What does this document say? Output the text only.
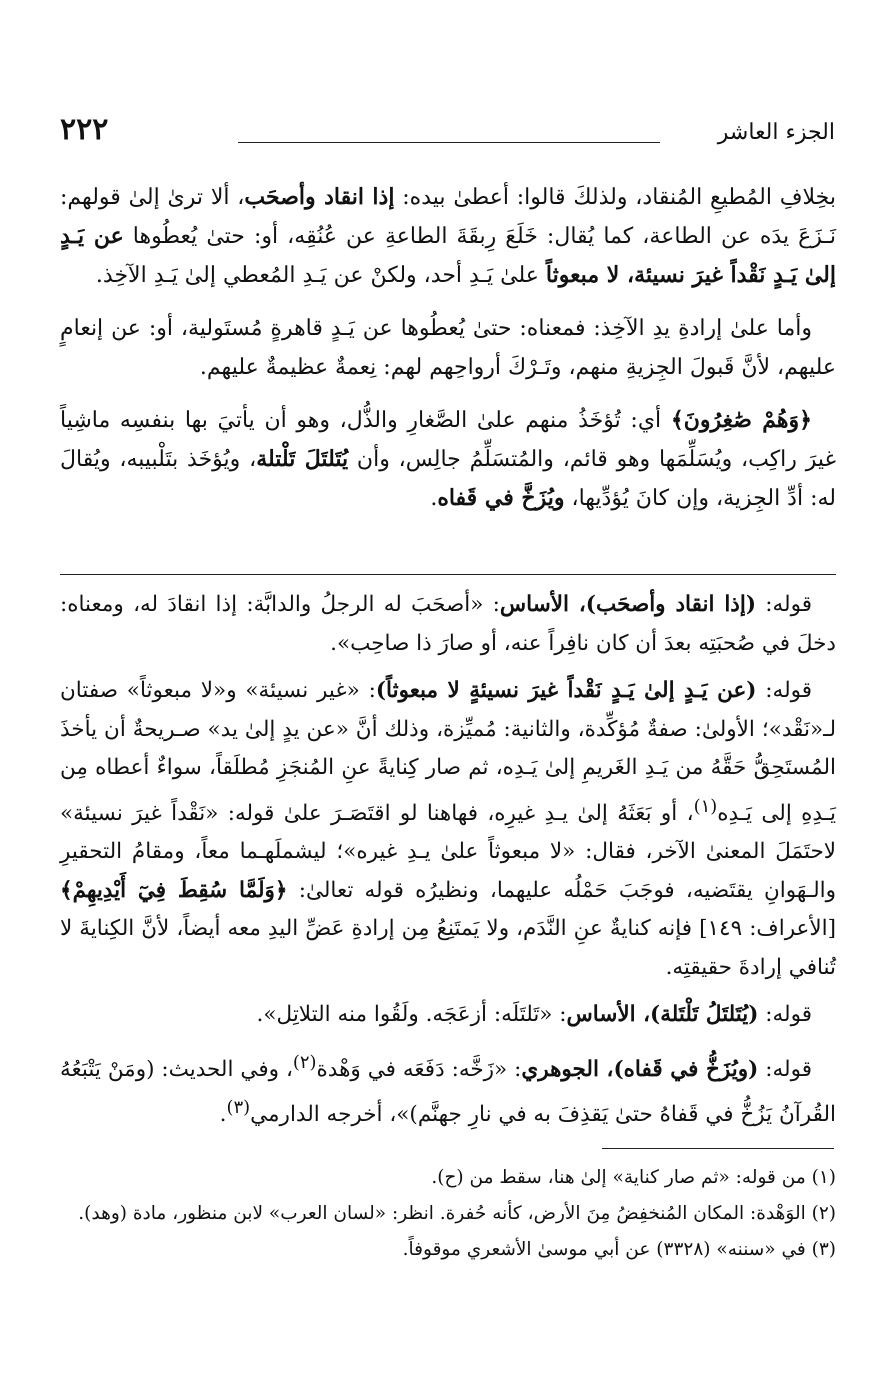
٢٢٢	الجزء العاشر

بخِلافِ المُطيعِ المُنقاد، ولذلكَ قالوا: أعطىٰ بيده: إذا انقاد وأصحَب، ألا ترىٰ إلىٰ قولهم: نَـزَعَ يدَه عن الطاعة، كما يُقال: خَلَعَ رِبقَةَ الطاعةِ عن عُنُقِه، أو: حتىٰ يُعطُوها عن يَـدٍ إلىٰ يَـدٍ نَقْداً غيرَ نسيئة، لا مبعوثاً علىٰ يَـدِ أحد، ولكنْ عن يَـدِ المُعطي إلىٰ يَـدِ الآخِذ.

وأما علىٰ إرادةِ يدِ الآخِذ: فمعناه: حتىٰ يُعطُوها عن يَـدٍ قاهرةٍ مُستَولية، أو: عن إنعامٍ عليهم، لأنَّ قَبولَ الجِزيةِ منهم، وتَـرْكَ أرواحِهم لهم: نِعمةٌ عظيمةٌ عليهم.

﴿وَهُمْ صَٰغِرُونَ﴾ أي: تُؤخَذُ منهم علىٰ الصَّغارِ والذُّل، وهو أن يأتيَ بها بنفسِه ماشِياً غيرَ راكِب، ويُسَلِّمَها وهو قائم، والمُتسَلِّمُ جالِس، وأن يُتَلتَلَ تَلْتلة، ويُؤخَذ بتَلْبيبه، ويُقالَ له: أدِّ الجِزية، وإن كانَ يُؤدِّيها، ويُزَخَّ في قَفاه.

قوله: (إذا انقاد وأصحَب)، الأساس: «أصحَبَ له الرجلُ والدابَّة: إذا انقادَ له، ومعناه: دخلَ في صُحبَتِه بعدَ أن كان نافِراً عنه، أو صارَ ذا صاحِب».

قوله: (عن يَـدٍ إلىٰ يَـدٍ نَقْداً غيرَ نسيئةٍ لا مبعوثاً): «غير نسيئة» و«لا مبعوثاً» صفتان لـ«نَقْد»؛ الأولىٰ: صفةٌ مُؤكِّدة، والثانية: مُميِّزة، وذلك أنَّ «عن يدٍ إلىٰ يد» صـريحةٌ أن يأخذَ المُستَحِقُّ حَقَّهُ من يَـدِ الغَريمِ إلىٰ يَـدِه، ثم صار كِنايةً عنِ المُنجَزِ مُطلَقاً، سواءٌ أعطاه مِن يَـدِهِ إلى يَـدِه$^{(١)}$، أو بَعَثَهُ إلىٰ يـدِ غيرِه، فهاهنا لو اقتَصَـرَ علىٰ قوله: «نَقْداً غيرَ نسيئة» لاحتَمَلَ المعنىٰ الآخر، فقال: «لا مبعوثاً علىٰ يـدِ غيره»؛ ليشملَهـما معاً، ومقامُ التحقيرِ والـهَوانِ يقتَضيه، فوجَبَ حَمْلُه عليهما، ونظيرُه قوله تعالىٰ: ﴿وَلَمَّا سُقِطَ فِيٓ أَيْدِيهِمْ﴾ [الأعراف: ١٤٩] فإنه كنايةٌ عنِ النَّدَم، ولا يَمتَنِعُ مِن إرادةِ عَضِّ اليدِ معه أيضاً، لأنَّ الكِنايةَ لا تُنافي إرادةَ حقيقتِه.

قوله: (يُتَلتَلُ تَلْتَلة)، الأساس: «تَلتَلَه: أزعَجَه. ولَقُوا منه التلاتِل».

قوله: (ويُزَخُّ في قَفاه)، الجوهري: «زَخَّه: دَفَعَه في وَهْدة$^{(٢)}$، وفي الحديث: (ومَنْ يَتْبَعُهُ القُرآنُ يَزُخُّ في قَفاهُ حتىٰ يَقذِفَ به في نارِ جهنَّم)»، أخرجه الدارمي$^{(٣)}$.

(١) من قوله: «ثم صار كناية» إلىٰ هنا، سقط من (ح).

(٢) الوَهْدة: المكان المُنخفِضُ مِنَ الأرض، كأنه حُفرة. انظر: «لسان العرب» لابن منظور، مادة (وهد).

(٣) في «سننه» (٣٣٢٨) عن أبي موسىٰ الأشعري موقوفاً.
